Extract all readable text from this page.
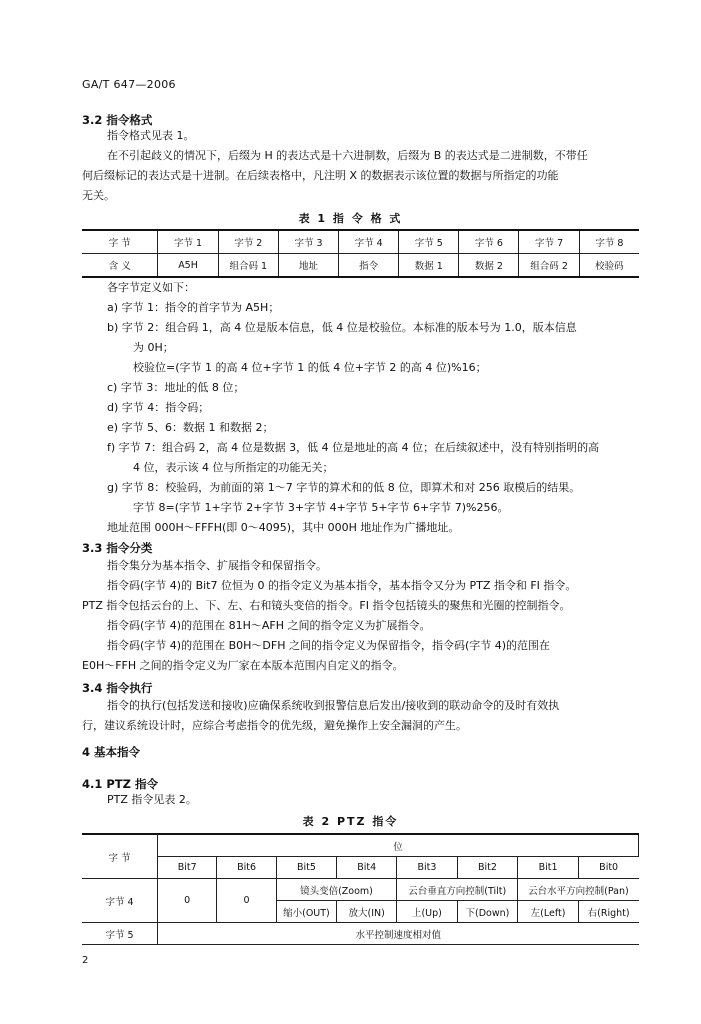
GA/T 647—2006
3.2 指令格式
指令格式见表 1。
在不引起歧义的情况下，后缀为 H 的表达式是十六进制数，后缀为 B 的表达式是二进制数，不带任
何后缀标记的表达式是十进制。在后续表格中，凡注明 X 的数据表示该位置的数据与所指定的功能
无关。
表 1 指 令 格 式
字 节	字节 1	字节 2	字节 3	字节 4	字节 5	字节 6	字节 7	字节 8
含 义	A5H	组合码 1	地址	指令	数据 1	数据 2	组合码 2	校验码
各字节定义如下：
a) 字节 1：指令的首字节为 A5H；
b) 字节 2：组合码 1，高 4 位是版本信息，低 4 位是校验位。本标准的版本号为 1.0，版本信息
为 0H；
校验位=(字节 1 的高 4 位+字节 1 的低 4 位+字节 2 的高 4 位)%16；
c) 字节 3：地址的低 8 位；
d) 字节 4：指令码；
e) 字节 5、6：数据 1 和数据 2；
f) 字节 7：组合码 2，高 4 位是数据 3，低 4 位是地址的高 4 位；在后续叙述中，没有特别指明的高
4 位，表示该 4 位与所指定的功能无关；
g) 字节 8：校验码，为前面的第 1～7 字节的算术和的低 8 位，即算术和对 256 取模后的结果。
字节 8=(字节 1+字节 2+字节 3+字节 4+字节 5+字节 6+字节 7)%256。
地址范围 000H～FFFH(即 0～4095)，其中 000H 地址作为广播地址。
3.3 指令分类
指令集分为基本指令、扩展指令和保留指令。
指令码(字节 4)的 Bit7 位恒为 0 的指令定义为基本指令，基本指令又分为 PTZ 指令和 FI 指令。
PTZ 指令包括云台的上、下、左、右和镜头变倍的指令。FI 指令包括镜头的聚焦和光圈的控制指令。
指令码(字节 4)的范围在 81H～AFH 之间的指令定义为扩展指令。
指令码(字节 4)的范围在 B0H～DFH 之间的指令定义为保留指令，指令码(字节 4)的范围在
E0H～FFH 之间的指令定义为厂家在本版本范围内自定义的指令。
3.4 指令执行
指令的执行(包括发送和接收)应确保系统收到报警信息后发出/接收到的联动命令的及时有效执
行，建议系统设计时，应综合考虑指令的优先级，避免操作上安全漏洞的产生。
4 基本指令
4.1 PTZ 指令
PTZ 指令见表 2。
表 2 PTZ 指令
字 节	位							
	Bit7	Bit6	Bit5	Bit4	Bit3	Bit2	Bit1	Bit0
字节 4	0	0	镜头变倍(Zoom)		云台垂直方向控制(Tilt)		云台水平方向控制(Pan)	
			缩小(OUT)	放大(IN)	上(Up)	下(Down)	左(Left)	右(Right)
字节 5	水平控制速度相对值							
2
